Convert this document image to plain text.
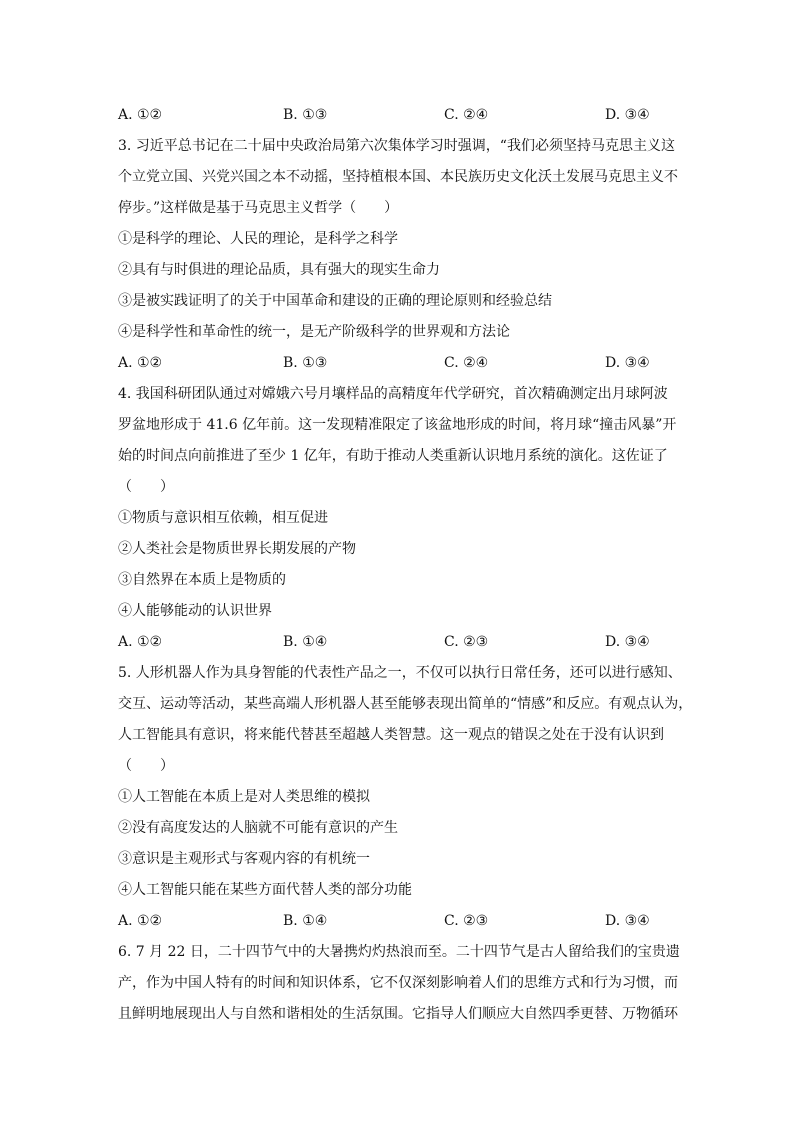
A. ①②	B. ①③	C. ②④	D. ③④
3. 习近平总书记在二十届中央政治局第六次集体学习时强调，“我们必须坚持马克思主义这
个立党立国、兴党兴国之本不动摇，坚持植根本国、本民族历史文化沃土发展马克思主义不
停步。”这样做是基于马克思主义哲学（　　）
①是科学的理论、人民的理论，是科学之科学
②具有与时俱进的理论品质，具有强大的现实生命力
③是被实践证明了的关于中国革命和建设的正确的理论原则和经验总结
④是科学性和革命性的统一，是无产阶级科学的世界观和方法论
A. ①②	B. ①③	C. ②④	D. ③④
4. 我国科研团队通过对嫦娥六号月壤样品的高精度年代学研究，首次精确测定出月球阿波
罗盆地形成于 41.6 亿年前。这一发现精准限定了该盆地形成的时间，将月球“撞击风暴”开
始的时间点向前推进了至少 1 亿年，有助于推动人类重新认识地月系统的演化。这佐证了
（　　）
①物质与意识相互依赖，相互促进
②人类社会是物质世界长期发展的产物
③自然界在本质上是物质的
④人能够能动的认识世界
A. ①②	B. ①④	C. ②③	D. ③④
5. 人形机器人作为具身智能的代表性产品之一，不仅可以执行日常任务，还可以进行感知、
交互、运动等活动，某些高端人形机器人甚至能够表现出简单的“情感”和反应。有观点认为，
人工智能具有意识，将来能代替甚至超越人类智慧。这一观点的错误之处在于没有认识到
（　　）
①人工智能在本质上是对人类思维的模拟
②没有高度发达的人脑就不可能有意识的产生
③意识是主观形式与客观内容的有机统一
④人工智能只能在某些方面代替人类的部分功能
A. ①②	B. ①④	C. ②③	D. ③④
6. 7 月 22 日，二十四节气中的大暑携灼灼热浪而至。二十四节气是古人留给我们的宝贵遗
产，作为中国人特有的时间和知识体系，它不仅深刻影响着人们的思维方式和行为习惯，而
且鲜明地展现出人与自然和谐相处的生活氛围。它指导人们顺应大自然四季更替、万物循环
